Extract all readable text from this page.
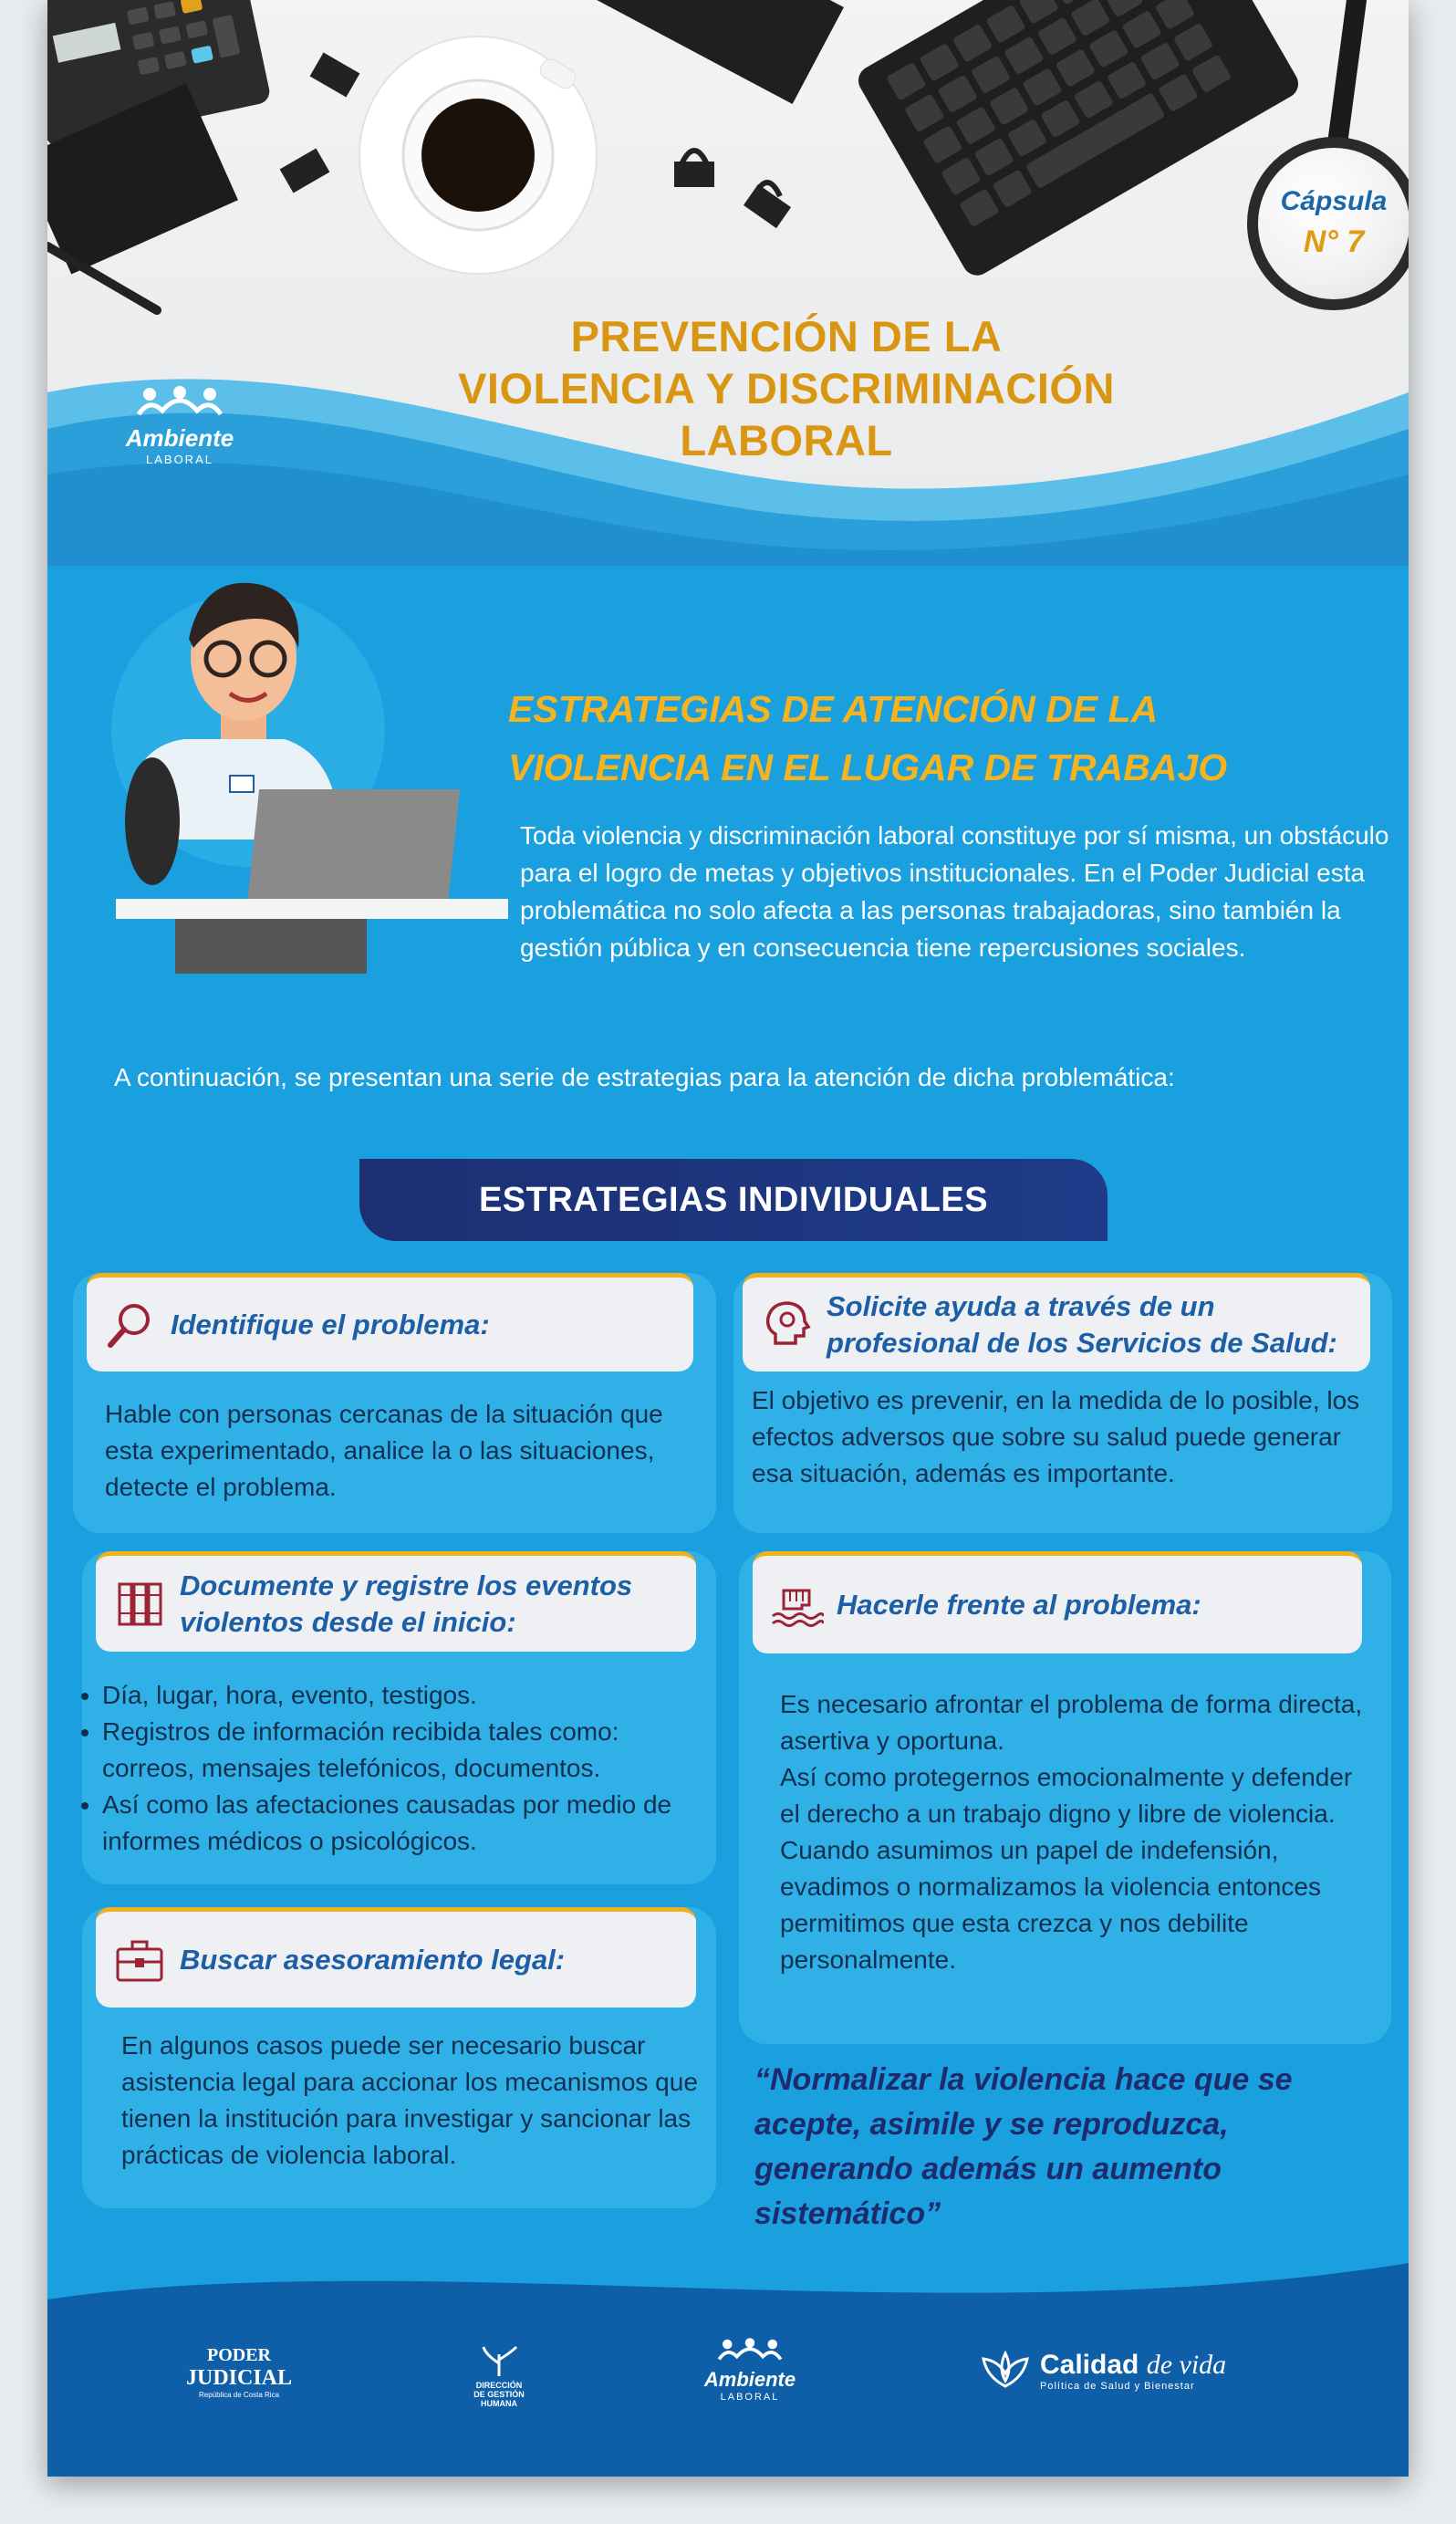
Cápsula
N° 7
PREVENCIÓN DE LA
VIOLENCIA Y DISCRIMINACIÓN
LABORAL
Ambiente
LABORAL
ESTRATEGIAS DE ATENCIÓN DE LA
VIOLENCIA EN EL LUGAR DE TRABAJO
Toda violencia y discriminación laboral constituye por sí misma, un obstáculo para el logro de metas y objetivos institucionales. En el Poder Judicial esta problemática no solo afecta a las personas trabajadoras, sino también la gestión pública y en consecuencia tiene repercusiones sociales.
A continuación, se presentan una serie de estrategias para la atención de dicha problemática:
ESTRATEGIAS INDIVIDUALES
Identifique el problema:
Hable con personas cercanas de la situación que esta experimentado, analice la o las situaciones, detecte el problema.
Solicite ayuda a través de un profesional de los Servicios de Salud:
El objetivo es prevenir, en la medida de lo posible, los efectos adversos que sobre su salud puede generar esa situación, además es importante.
Documente y registre los eventos violentos desde el inicio:
• Día, lugar, hora, evento, testigos.
• Registros de información recibida tales como: correos, mensajes telefónicos, documentos.
• Así como las afectaciones causadas por medio de informes médicos o psicológicos.
Hacerle frente al problema:
Es necesario afrontar el problema de forma directa, asertiva y oportuna.
Así como protegernos emocionalmente y defender el derecho a un trabajo digno y libre de violencia.
Cuando asumimos un papel de indefensión, evadimos o normalizamos la violencia entonces permitimos que esta crezca y nos debilite personalmente.
Buscar asesoramiento legal:
En algunos casos puede ser necesario buscar asistencia legal para accionar los mecanismos que tienen la institución para investigar y sancionar las prácticas de violencia laboral.
“Normalizar la violencia hace que se acepte, asimile y se reproduzca, generando además un aumento sistemático”
PODER
JUDICIAL
República de Costa Rica
DIRECCIÓN
DE GESTIÓN
HUMANA
Ambiente
LABORAL
Calidad de vida
Política de Salud y Bienestar
